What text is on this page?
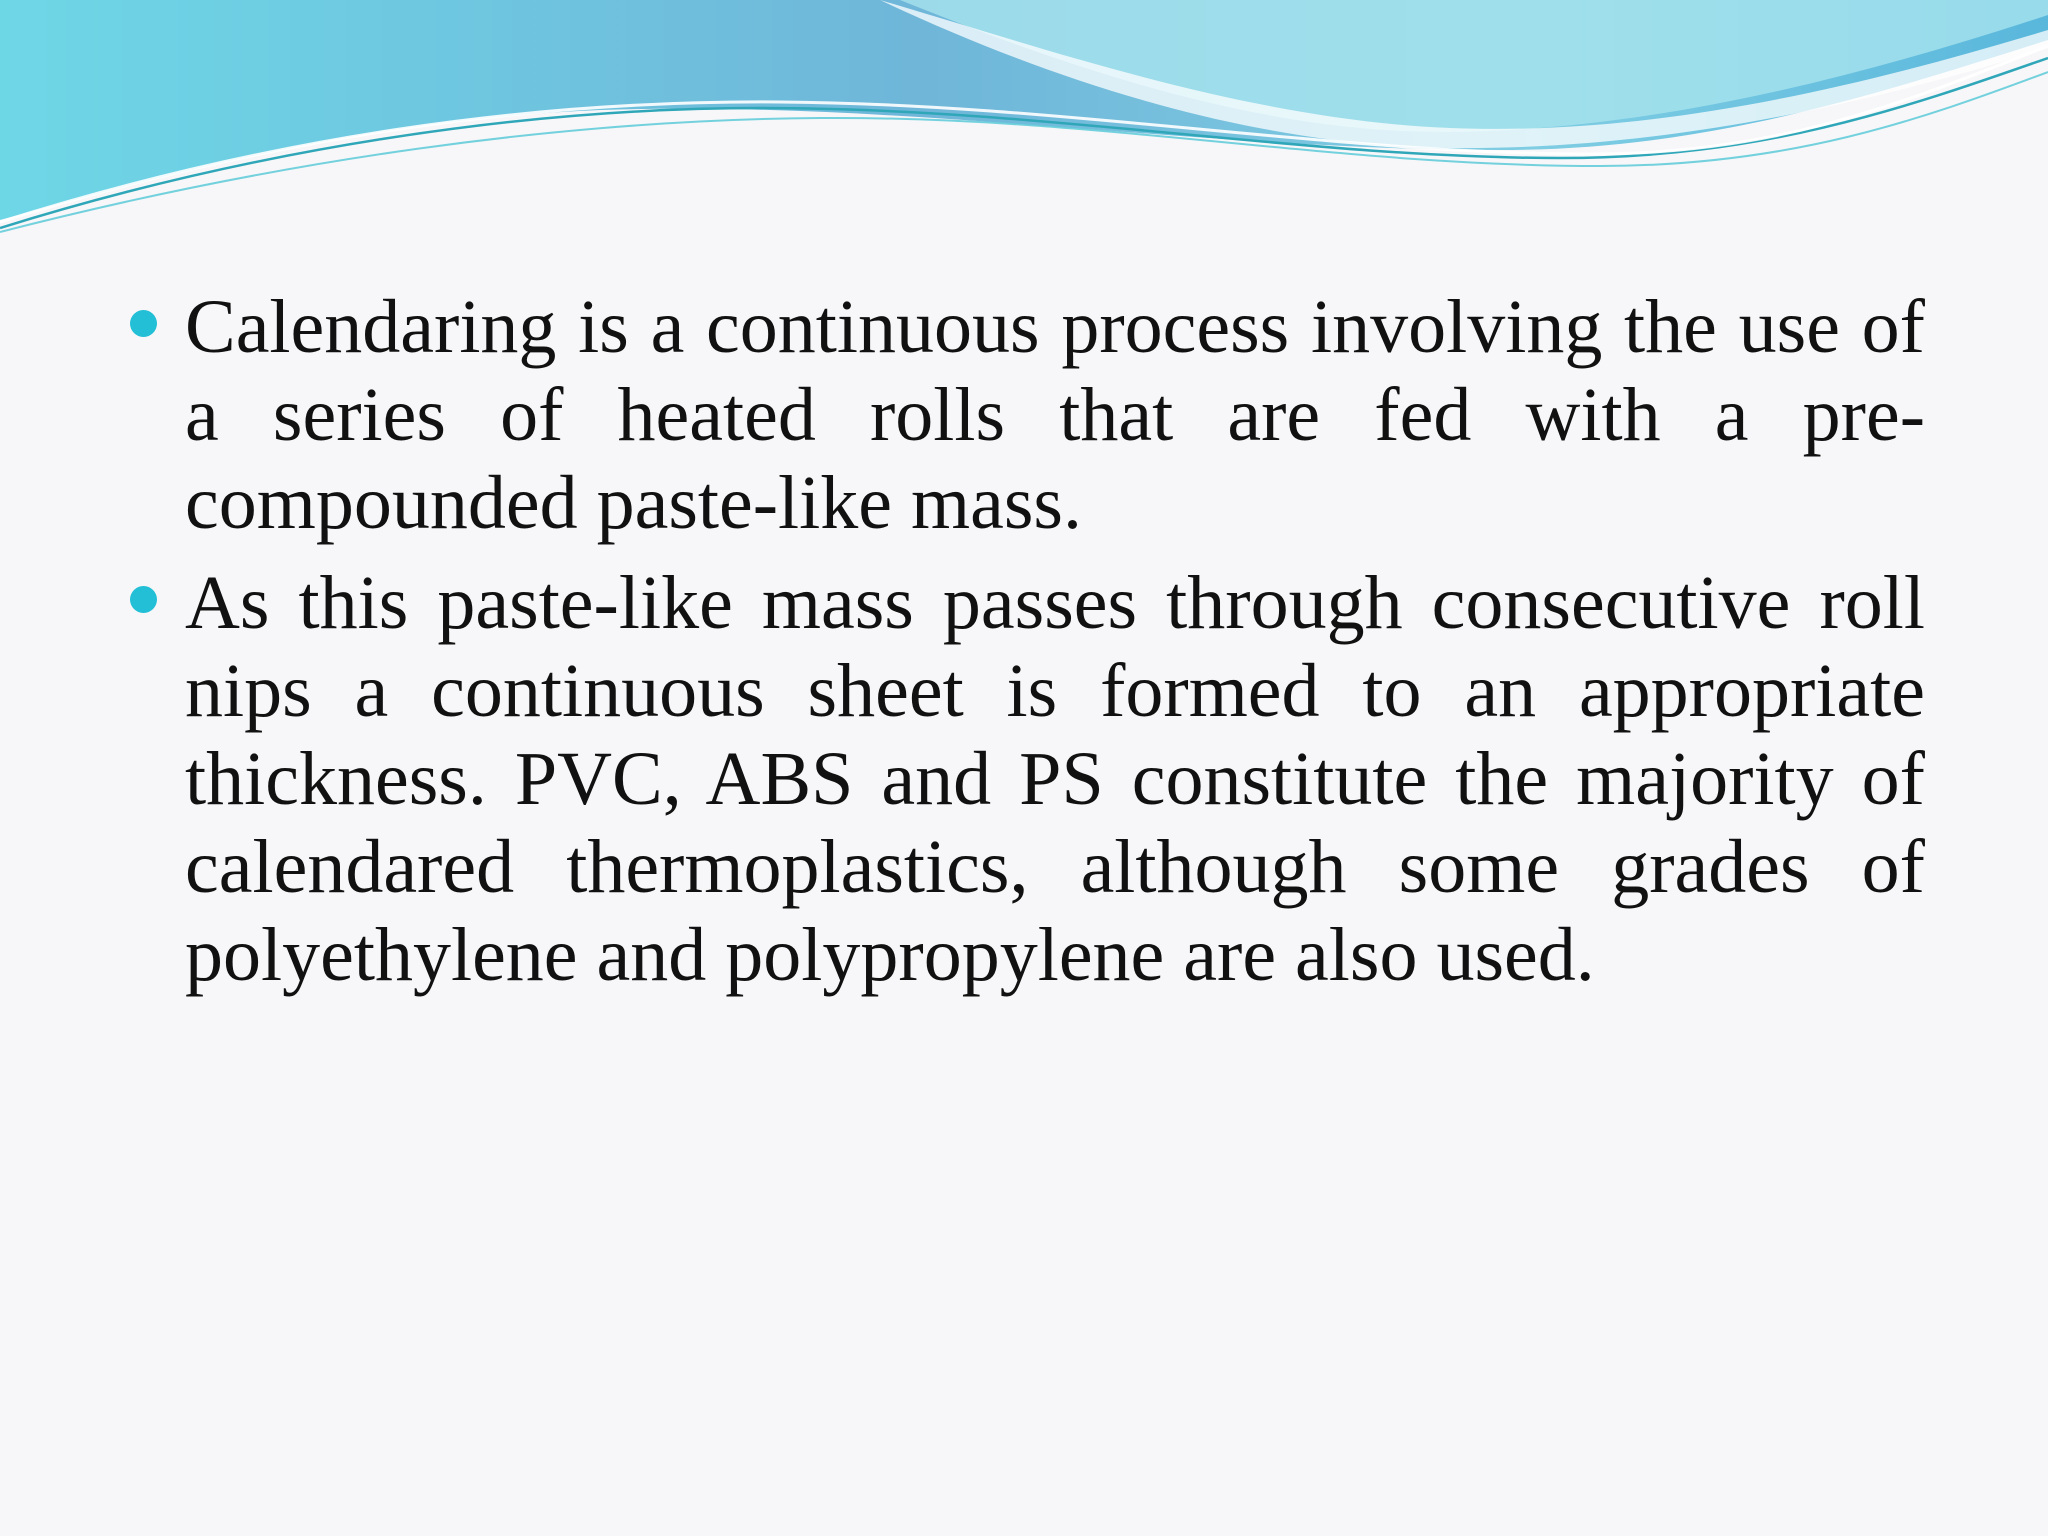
Calendaring is a continuous process involving the use of a series of heated rolls that are fed with a pre-compounded paste-like mass.
As this paste-like mass passes through consecutive roll nips a continuous sheet is formed to an appropriate thickness. PVC, ABS and PS constitute the majority of calendared thermoplastics, although some grades of polyethylene and polypropylene are also used.
